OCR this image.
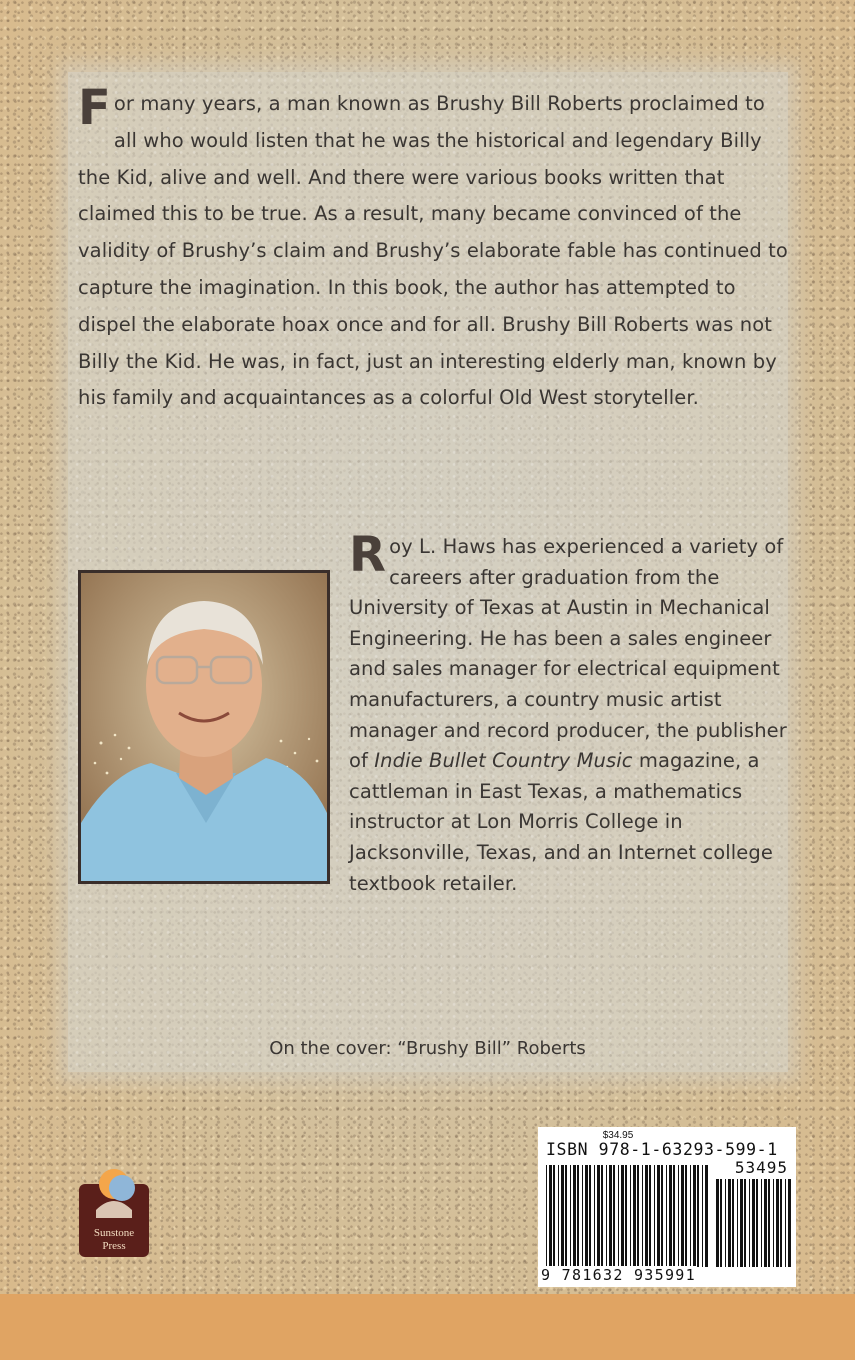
For many years, a man known as Brushy Bill Roberts proclaimed to all who would listen that he was the historical and legendary Billy the Kid, alive and well. And there were various books written that claimed this to be true. As a result, many became convinced of the validity of Brushy’s claim and Brushy’s elaborate fable has continued to capture the imagination. In this book, the author has attempted to dispel the elaborate hoax once and for all. Brushy Bill Roberts was not Billy the Kid. He was, in fact, just an interesting elderly man, known by his family and acquaintances as a colorful Old West storyteller.

Roy L. Haws has experienced a variety of careers after graduation from the University of Texas at Austin in Mechanical Engineering. He has been a sales engineer and sales manager for electrical equipment manufacturers, a country music artist manager and record producer, the publisher of Indie Bullet Country Music magazine, a cattleman in East Texas, a mathematics instructor at Lon Morris College in Jacksonville, Texas, and an Internet college textbook retailer.

On the cover: “Brushy Bill” Roberts
Sunstone
Press
$34.95
ISBN 978-1-63293-599-1
53495
9 781632 935991
